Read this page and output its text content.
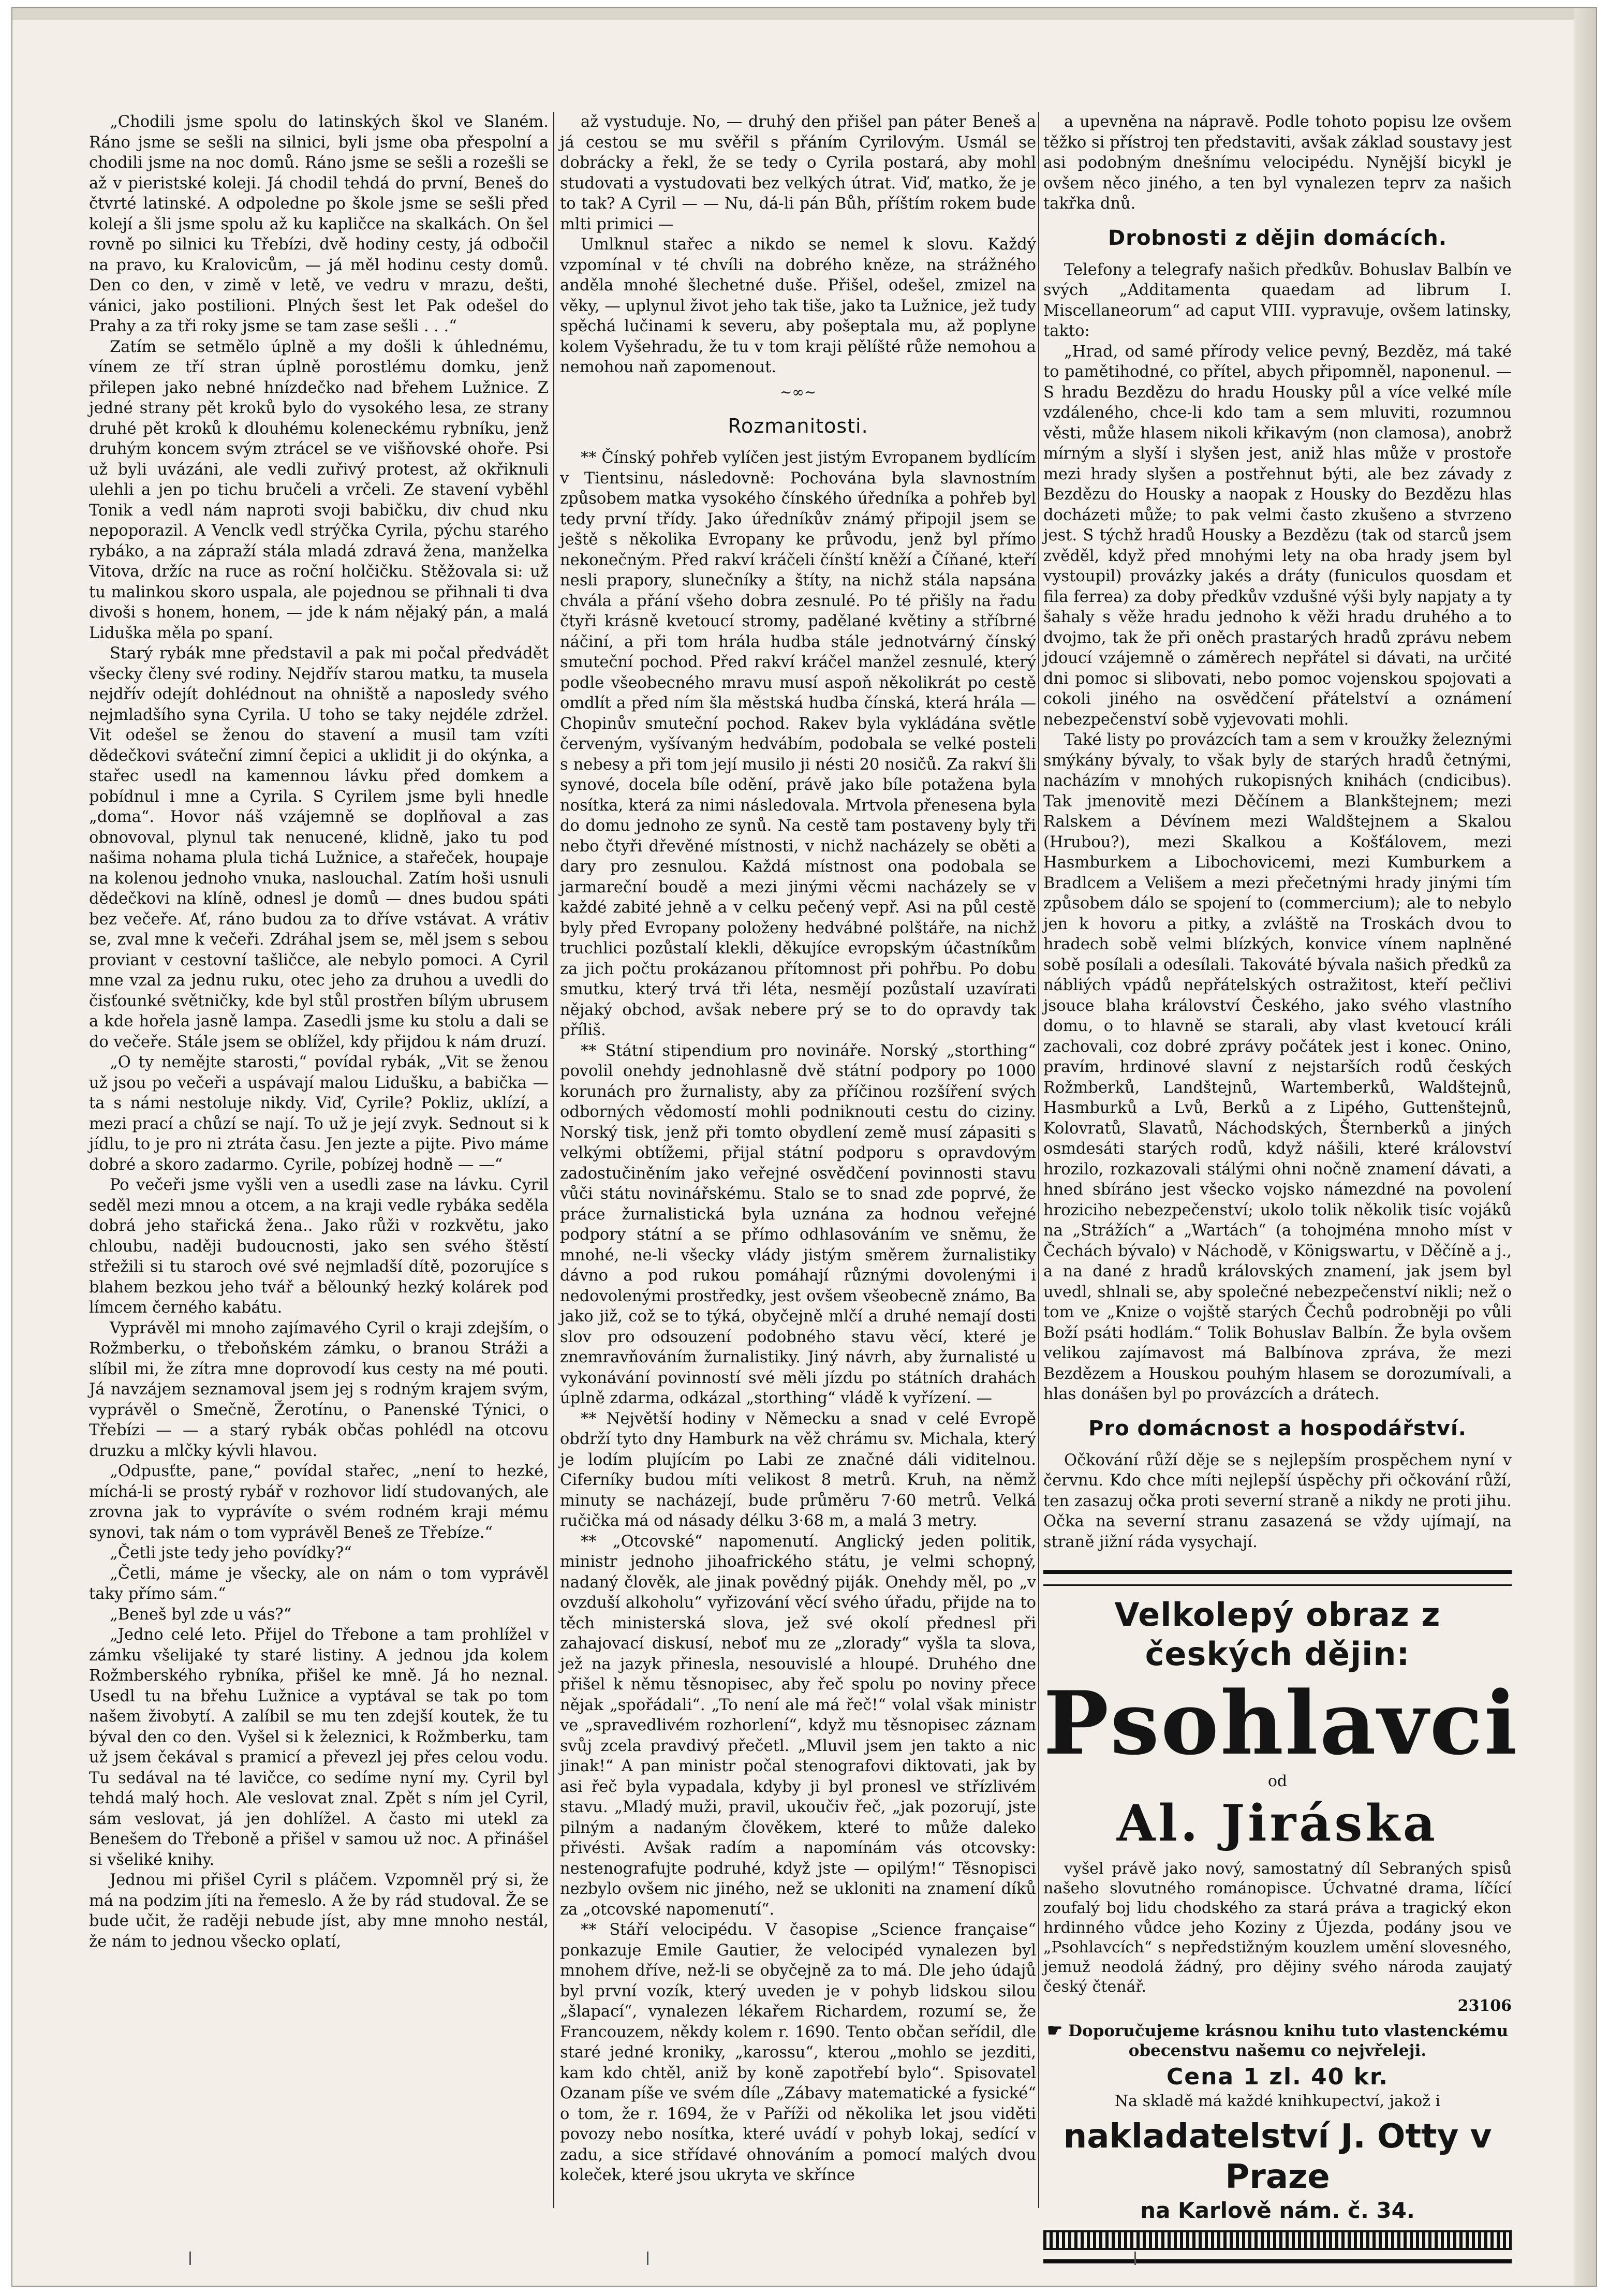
„Chodili jsme spolu do latinských škol ve Slaném. Ráno jsme se sešli na silnici, byli jsme oba přespolní a chodili jsme na noc domů. Ráno jsme se sešli a rozešli se až v pieristské koleji. Já chodil tehdá do první, Beneš do čtvrté latinské. A odpoledne po škole jsme se sešli před kolejí a šli jsme spolu až ku kapličce na skalkách. On šel rovně po silnici ku Třebízi, dvě hodiny cesty, já odbočil na pravo, ku Kralovicům, — já měl hodinu cesty domů. Den co den, v zimě v letě, ve vedru v mrazu, dešti, vánici, jako postilioni. Plných šest let Pak odešel do Prahy a za tři roky jsme se tam zase sešli . . .“

Zatím se setmělo úplně a my došli k úhlednému, vínem ze tří stran úplně porostlému domku, jenž přilepen jako nebné hnízdečko nad břehem Lužnice. Z jedné strany pět kroků bylo do vysokého lesa, ze strany druhé pět kroků k dlouhému koleneckému rybníku, jenž druhým koncem svým ztrácel se ve višňovské ohoře. Psi už byli uvázáni, ale vedli zuřivý protest, až okřiknuli ulehli a jen po tichu bručeli a vrčeli. Ze stavení vyběhl Tonik a vedl nám naproti svoji babičku, div chud nku nepoporazil. A Venclk vedl strýčka Cyrila, pýchu starého rybáko, a na zápraží stála mladá zdravá žena, manželka Vitova, držíc na ruce as roční holčičku. Stěžovala si: už tu malinkou skoro uspala, ale pojednou se přihnali ti dva divoši s honem, honem, — jde k nám nějaký pán, a malá Liduška měla po spaní.

Starý rybák mne představil a pak mi počal předvádět všecky členy své rodiny. Nejdřív starou matku, ta musela nejdřív odejít dohlédnout na ohniště a naposledy svého nejmladšího syna Cyrila. U toho se taky nejdéle zdržel. Vit odešel se ženou do stavení a musil tam vzíti dědečkovi sváteční zimní čepici a uklidit ji do okýnka, a stařec usedl na kamennou lávku před domkem a pobídnul i mne a Cyrila. S Cyrilem jsme byli hnedle „doma“. Hovor náš vzájemně se doplňoval a zas obnovoval, plynul tak nenucené, klidně, jako tu pod našima nohama plula tichá Lužnice, a stařeček, houpaje na kolenou jednoho vnuka, naslouchal. Zatím hoši usnuli dědečkovi na klíně, odnesl je domů — dnes budou spáti bez večeře. Ať, ráno budou za to dříve vstávat. A vrátiv se, zval mne k večeři. Zdráhal jsem se, měl jsem s sebou proviant v cestovní tašličce, ale nebylo pomoci. A Cyril mne vzal za jednu ruku, otec jeho za druhou a uvedli do čisťounké světničky, kde byl stůl prostřen bílým ubrusem a kde hořela jasně lampa. Zasedli jsme ku stolu a dali se do večeře. Stále jsem se oblížel, kdy přijdou k nám druzí.

„O ty nemějte starosti,“ povídal rybák, „Vit se ženou už jsou po večeři a uspávají malou Lidušku, a babička — ta s námi nestoluje nikdy. Viď, Cyrile? Pokliz, uklízí, a mezi prací a chůzí se nají. To už je její zvyk. Sednout si k jídlu, to je pro ni ztráta času. Jen jezte a pijte. Pivo máme dobré a skoro zadarmo. Cyrile, pobízej hodně — —“

Po večeři jsme vyšli ven a usedli zase na lávku. Cyril seděl mezi mnou a otcem, a na kraji vedle rybáka seděla dobrá jeho stařická žena.. Jako růži v rozkvětu, jako chloubu, naději budoucnosti, jako sen svého štěstí střežili si tu staroch ové své nejmladší dítě, pozorujíce s blahem bezkou jeho tvář a bělounký hezký kolárek pod límcem černého kabátu.

Vyprávěl mi mnoho zajímavého Cyril o kraji zdejším, o Rožmberku, o třeboňském zámku, o branou Stráži a slíbil mi, že zítra mne doprovodí kus cesty na mé pouti. Já navzájem seznamoval jsem jej s rodným krajem svým, vyprávěl o Smečně, Žerotínu, o Panenské Týnici, o Třebízi — — a starý rybák občas pohlédl na otcovu druzku a mlčky kývli hlavou.

„Odpusťte, pane,“ povídal stařec, „není to hezké, míchá-li se prostý rybář v rozhovor lidí studovaných, ale zrovna jak to vyprávíte o svém rodném kraji mému synovi, tak nám o tom vyprávěl Beneš ze Třebíze.“

„Četli jste tedy jeho povídky?“

„Četli, máme je všecky, ale on nám o tom vyprávěl taky přímo sám.“

„Beneš byl zde u vás?“

„Jedno celé leto. Přijel do Třebone a tam prohlížel v zámku všelijaké ty staré listiny. A jednou jda kolem Rožmberského rybníka, přišel ke mně. Já ho neznal. Usedl tu na břehu Lužnice a vyptával se tak po tom našem živobytí. A zalíbil se mu ten zdejší koutek, že tu býval den co den. Vyšel si k železnici, k Rožmberku, tam už jsem čekával s pramicí a převezl jej přes celou vodu. Tu sedával na té lavičce, co sedíme nyní my. Cyril byl tehdá malý hoch. Ale veslovat znal. Zpět s ním jel Cyril, sám veslovat, já jen dohlížel. A často mi utekl za Benešem do Třeboně a přišel v samou už noc. A přinášel si všeliké knihy.

Jednou mi přišel Cyril s pláčem. Vzpomněl prý si, že má na podzim jíti na řemeslo. A že by rád studoval. Že se bude učit, že raději nebude jíst, aby mne mnoho nestál, že nám to jednou všecko oplatí,

až vystuduje. No, — druhý den přišel pan páter Beneš a já cestou se mu svěřil s přáním Cyrilovým. Usmál se dobrácky a řekl, že se tedy o Cyrila postará, aby mohl studovati a vystudovati bez velkých útrat. Viď, matko, že je to tak? A Cyril — — Nu, dá-li pán Bůh, příštím rokem bude mlti primici —

Umlknul stařec a nikdo se nemel k slovu. Každý vzpomínal v té chvíli na dobrého kněze, na strážného anděla mnohé šlechetné duše. Přišel, odešel, zmizel na věky, — uplynul život jeho tak tiše, jako ta Lužnice, jež tudy spěchá lučinami k severu, aby pošeptala mu, až poplyne kolem Vyšehradu, že tu v tom kraji pělíšté růže nemohou a nemohou naň zapomenout.

~∞~
Rozmanitosti.

** Čínský pohřeb vylíčen jest jistým Evropanem bydlícím v Tientsinu, následovně: Pochována byla slavnostním způsobem matka vysokého čínského úředníka a pohřeb byl tedy první třídy. Jako úředníkův známý připojil jsem se ještě s několika Evropany ke průvodu, jenž byl přímo nekonečným. Před rakví kráčeli čínští kněží a Číňané, kteří nesli prapory, slunečníky a štíty, na nichž stála napsána chvála a přání všeho dobra zesnulé. Po té přišly na řadu čtyři krásně kvetoucí stromy, padělané květiny a stříbrné náčiní, a při tom hrála hudba stále jednotvárný čínský smuteční pochod. Před rakví kráčel manžel zesnulé, který podle všeobecného mravu musí aspoň několikrát po cestě omdlít a před ním šla městská hudba čínská, která hrála — Chopinův smuteční pochod. Rakev byla vykládána světle červeným, vyšívaným hedvábím, podobala se velké posteli s nebesy a při tom její musilo ji nésti 20 nosičů. Za rakví šli synové, docela bíle odění, právě jako bíle potažena byla nosítka, která za nimi následovala. Mrtvola přenesena byla do domu jednoho ze synů. Na cestě tam postaveny byly tři nebo čtyři dřevěné místnosti, v nichž nacházely se oběti a dary pro zesnulou. Každá místnost ona podobala se jarmareční boudě a mezi jinými věcmi nacházely se v každé zabité jehně a v celku pečený vepř. Asi na půl cestě byly před Evropany položeny hedvábné polštáře, na nichž truchlici pozůstalí klekli, děkujíce evropským účastníkům za jich počtu prokázanou přítomnost při pohřbu. Po dobu smutku, který trvá tři léta, nesmějí pozůstalí uzavírati nějaký obchod, avšak nebere prý se to do opravdy tak příliš.

** Státní stipendium pro novináře. Norský „storthing“ povolil onehdy jednohlasně dvě státní podpory po 1000 korunách pro žurnalisty, aby za příčinou rozšíření svých odborných vědomostí mohli podniknouti cestu do ciziny. Norský tisk, jenž při tomto obydlení země musí zápasiti s velkými obtížemi, přijal státní podporu s opravdovým zadostučiněním jako veřejné osvědčení povinnosti stavu vůči státu novinářskému. Stalo se to snad zde poprvé, že práce žurnalistická byla uznána za hodnou veřejné podpory státní a se přímo odhlasováním ve sněmu, že mnohé, ne-li všecky vlády jistým směrem žurnalistiky dávno a pod rukou pomáhají různými dovolenými i nedovolenými prostředky, jest ovšem všeobecně známo, Ba jako již, což se to týká, obyčejně mlčí a druhé nemají dosti slov pro odsouzení podobného stavu věcí, které je znemravňováním žurnalistiky. Jiný návrh, aby žurnalisté u vykonávání povinností své měli jízdu po státních drahách úplně zdarma, odkázal „storthing“ vládě k vyřízení. —

** Největší hodiny v Německu a snad v celé Evropě obdrží tyto dny Hamburk na věž chrámu sv. Michala, který je lodím plujícím po Labi ze značné dáli viditelnou. Ciferníky budou míti velikost 8 metrů. Kruh, na němž minuty se nacházejí, bude průměru 7·60 metrů. Velká ručička má od násady délku 3·68 m, a malá 3 metry.

** „Otcovské“ napomenutí. Anglický jeden politik, ministr jednoho jihoafrického státu, je velmi schopný, nadaný člověk, ale jinak povědný piják. Onehdy měl, po „v ovzduší alkoholu“ vyřizování věcí svého úřadu, přijde na to těch ministerská slova, jež své okolí přednesl při zahajovací diskusí, neboť mu ze „zlorady“ vyšla ta slova, jež na jazyk přinesla, nesouvislé a hloupé. Druhého dne přišel k němu těsnopisec, aby řeč spolu po noviny přece nějak „spořádali“. „To není ale má řeč!“ volal však ministr ve „spravedlivém rozhorlení“, když mu těsnopisec záznam svůj zcela pravdivý přečetl. „Mluvil jsem jen takto a nic jinak!“ A pan ministr počal stenografovi diktovati, jak by asi řeč byla vypadala, kdyby ji byl pronesl ve střízlivém stavu. „Mladý muži, pravil, ukoučiv řeč, „jak pozorují, jste pilným a nadaným člověkem, které to může daleko přivésti. Avšak radím a napomínám vás otcovsky: nestenografujte podruhé, když jste — opilým!“ Těsnopisci nezbylo ovšem nic jiného, než se ukloniti na znamení díků za „otcovské napomenutí“.

** Stáří velocipédu. V časopise „Science française“ ponkazuje Emile Gautier, že velocipéd vynalezen byl mnohem dříve, než-li se obyčejně za to má. Dle jeho údajů byl první vozík, který uveden je v pohyb lidskou silou „šlapací“, vynalezen lékařem Richardem, rozumí se, že Francouzem, někdy kolem r. 1690. Tento občan seřídil, dle staré jedné kroniky, „karossu“, kterou „mohlo se jezditi, kam kdo chtěl, aniž by koně zapotřebí bylo“. Spisovatel Ozanam píše ve svém díle „Zábavy matematické a fysické“ o tom, že r. 1694, že v Paříži od několika let jsou viděti povozy nebo nosítka, které uvádí v pohyb lokaj, sedící v zadu, a sice střídavé ohnováním a pomocí malých dvou koleček, které jsou ukryta ve skřínce

a upevněna na nápravě. Podle tohoto popisu lze ovšem těžko si přístroj ten představiti, avšak základ soustavy jest asi podobným dnešnímu velocipédu. Nynější bicykl je ovšem něco jiného, a ten byl vynalezen teprv za našich takřka dnů.

Drobnosti z dějin domácích.

Telefony a telegrafy našich předkův. Bohuslav Balbín ve svých „Additamenta quaedam ad librum I. Miscellaneorum“ ad caput VIII. vypravuje, ovšem latinsky, takto:

„Hrad, od samé přírody velice pevný, Bezděz, má také to pamětihodné, co přítel, abych připomněl, naponenul. — S hradu Bezdězu do hradu Housky půl a více velké míle vzdáleného, chce-li kdo tam a sem mluviti, rozumnou věsti, může hlasem nikoli křikavým (non clamosa), anobrž mírným a slyší i slyšen jest, aniž hlas může v prostoře mezi hrady slyšen a postřehnut býti, ale bez závady z Bezdězu do Housky a naopak z Housky do Bezdězu hlas docházeti může; to pak velmi často zkušeno a stvrzeno jest. S týchž hradů Housky a Bezdězu (tak od starců jsem zvěděl, když před mnohými lety na oba hrady jsem byl vystoupil) provázky jakés a dráty (funiculos quosdam et fila ferrea) za doby předkův vzdušné výši byly napjaty a ty šahaly s věže hradu jednoho k věži hradu druhého a to dvojmo, tak že při oněch prastarých hradů zprávu nebem jdoucí vzájemně o záměrech nepřátel si dávati, na určité dni pomoc si slibovati, nebo pomoc vojenskou spojovati a cokoli jiného na osvědčení přátelství a oznámení nebezpečenství sobě vyjevovati mohli.

Také listy po provázcích tam a sem v kroužky železnými smýkány bývaly, to však byly de starých hradů četnými, nacházím v mnohých rukopisných knihách (cndicibus). Tak jmenovitě mezi Děčínem a Blankštejnem; mezi Ralskem a Dévínem mezi Waldštejnem a Skalou (Hrubou?), mezi Skalkou a Košťálovem, mezi Hasmburkem a Libochovicemi, mezi Kumburkem a Bradlcem a Velišem a mezi přečetnými hrady jinými tím způsobem dálo se spojení to (commercium); ale to nebylo jen k hovoru a pitky, a zvláště na Troskách dvou to hradech sobě velmi blízkých, konvice vínem naplněné sobě posílali a odesílali. Takováté bývala našich předků za nábliých vpádů nepřátelských ostražitost, kteří pečlivi jsouce blaha království Českého, jako svého vlastního domu, o to hlavně se starali, aby vlast kvetoucí králi zachovali, coz dobré zprávy počátek jest i konec. Onino, pravím, hrdinové slavní z nejstarších rodů českých Rožmberků, Landštejnů, Wartemberků, Waldštejnů, Hasmburků a Lvů, Berků a z Lipého, Guttenštejnů, Kolovratů, Slavatů, Náchodských, Šternberků a jiných osmdesáti starých rodů, když nášili, které království hrozilo, rozkazovali stálými ohni nočně znamení dávati, a hned sbíráno jest všecko vojsko námezdné na povolení hroziciho nebezpečenství; ukolo tolik několik tisíc vojáků na „Strážích“ a „Wartách“ (a tohojména mnoho míst v Čechách bývalo) v Náchodě, v Königswartu, v Děčíně a j., a na dané z hradů královských znamení, jak jsem byl uvedl, shlnali se, aby společné nebezpečenství nikli; než o tom ve „Knize o vojště starých Čechů podrobněji po vůli Boží psáti hodlám.“ Tolik Bohuslav Balbín. Že byla ovšem velikou zajímavost má Balbínova zpráva, že mezi Bezdězem a Houskou pouhým hlasem se dorozumívali, a hlas donášen byl po provázcích a drátech.

Pro domácnost a hospodářství.

Očkování růží děje se s nejlepším prospěchem nyní v červnu. Kdo chce míti nejlepší úspěchy při očkování růží, ten zasazuj očka proti severní straně a nikdy ne proti jihu. Očka na severní stranu zasazená se vždy ujímají, na straně jižní ráda vysychají.

Velkolepý obraz z českých dějin:
Psohlavci
od
Al. Jiráska

vyšel právě jako nový, samostatný díl Sebraných spisů našeho slovutného románopisce. Úchvatné drama, líčící zoufalý boj lidu chodského za stará práva a tragický ekon hrdinného vůdce jeho Koziny z Újezda, podány jsou ve „Psohlavcích“ s nepředstižným kouzlem umění slovesného, jemuž neodolá žádný, pro dějiny svého národa zaujatý český čtenář.

23106
☛ Doporučujeme krásnou knihu tuto vlastenckému obecenstvu našemu co nejvřeleji.
Cena 1 zl. 40 kr.
Na skladě má každé knihkupectví, jakož i
nakladatelství J. Otty v Praze
na Karlově nám. č. 34.
